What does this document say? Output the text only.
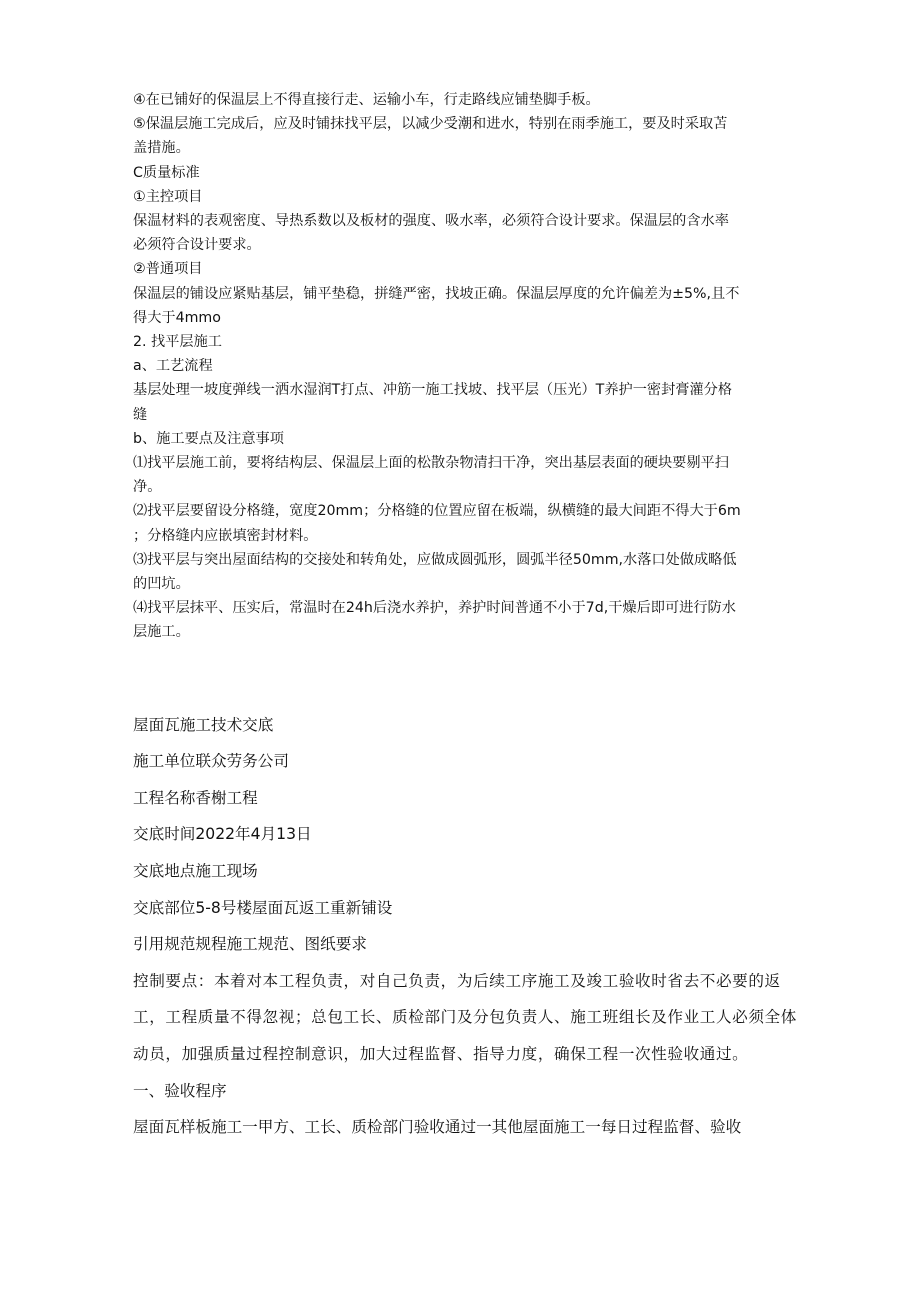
④在已铺好的保温层上不得直接行走、运输小车，行走路线应铺垫脚手板。

⑤保温层施工完成后，应及时铺抹找平层，以减少受潮和进水，特别在雨季施工，要及时采取苫

盖措施。

C质量标准

①主控项目

保温材料的表观密度、导热系数以及板材的强度、吸水率，必须符合设计要求。保温层的含水率

必须符合设计要求。

②普通项目

保温层的铺设应紧贴基层，铺平垫稳，拼缝严密，找坡正确。保温层厚度的允许偏差为±5%,且不

得大于4mmo

2. 找平层施工

a、工艺流程

基层处理一坡度弹线一洒水湿润T打点、冲筋一施工找坡、找平层（压光）T养护一密封膏灌分格

缝

b、施工要点及注意事项

⑴找平层施工前，要将结构层、保温层上面的松散杂物清扫干净，突出基层表面的硬块要剔平扫

净。

⑵找平层要留设分格缝，宽度20mm；分格缝的位置应留在板端，纵横缝的最大间距不得大于6m

；分格缝内应嵌填密封材料。

⑶找平层与突出屋面结构的交接处和转角处，应做成圆弧形，圆弧半径50mm,水落口处做成略低

的凹坑。

⑷找平层抹平、压实后，常温时在24h后浇水养护，养护时间普通不小于7d,干燥后即可进行防水

层施工。

屋面瓦施工技术交底

施工单位联众劳务公司

工程名称香榭工程

交底时间2022年4月13日

交底地点施工现场

交底部位5-8号楼屋面瓦返工重新铺设

引用规范规程施工规范、图纸要求

控制要点：本着对本工程负责，对自己负责，为后续工序施工及竣工验收时省去不必要的返工，工程质量不得忽视；总包工长、质检部门及分包负责人、施工班组长及作业工人必须全体动员，加强质量过程控制意识，加大过程监督、指导力度，确保工程一次性验收通过。

一、验收程序

屋面瓦样板施工一甲方、工长、质检部门验收通过一其他屋面施工一每日过程监督、验收
